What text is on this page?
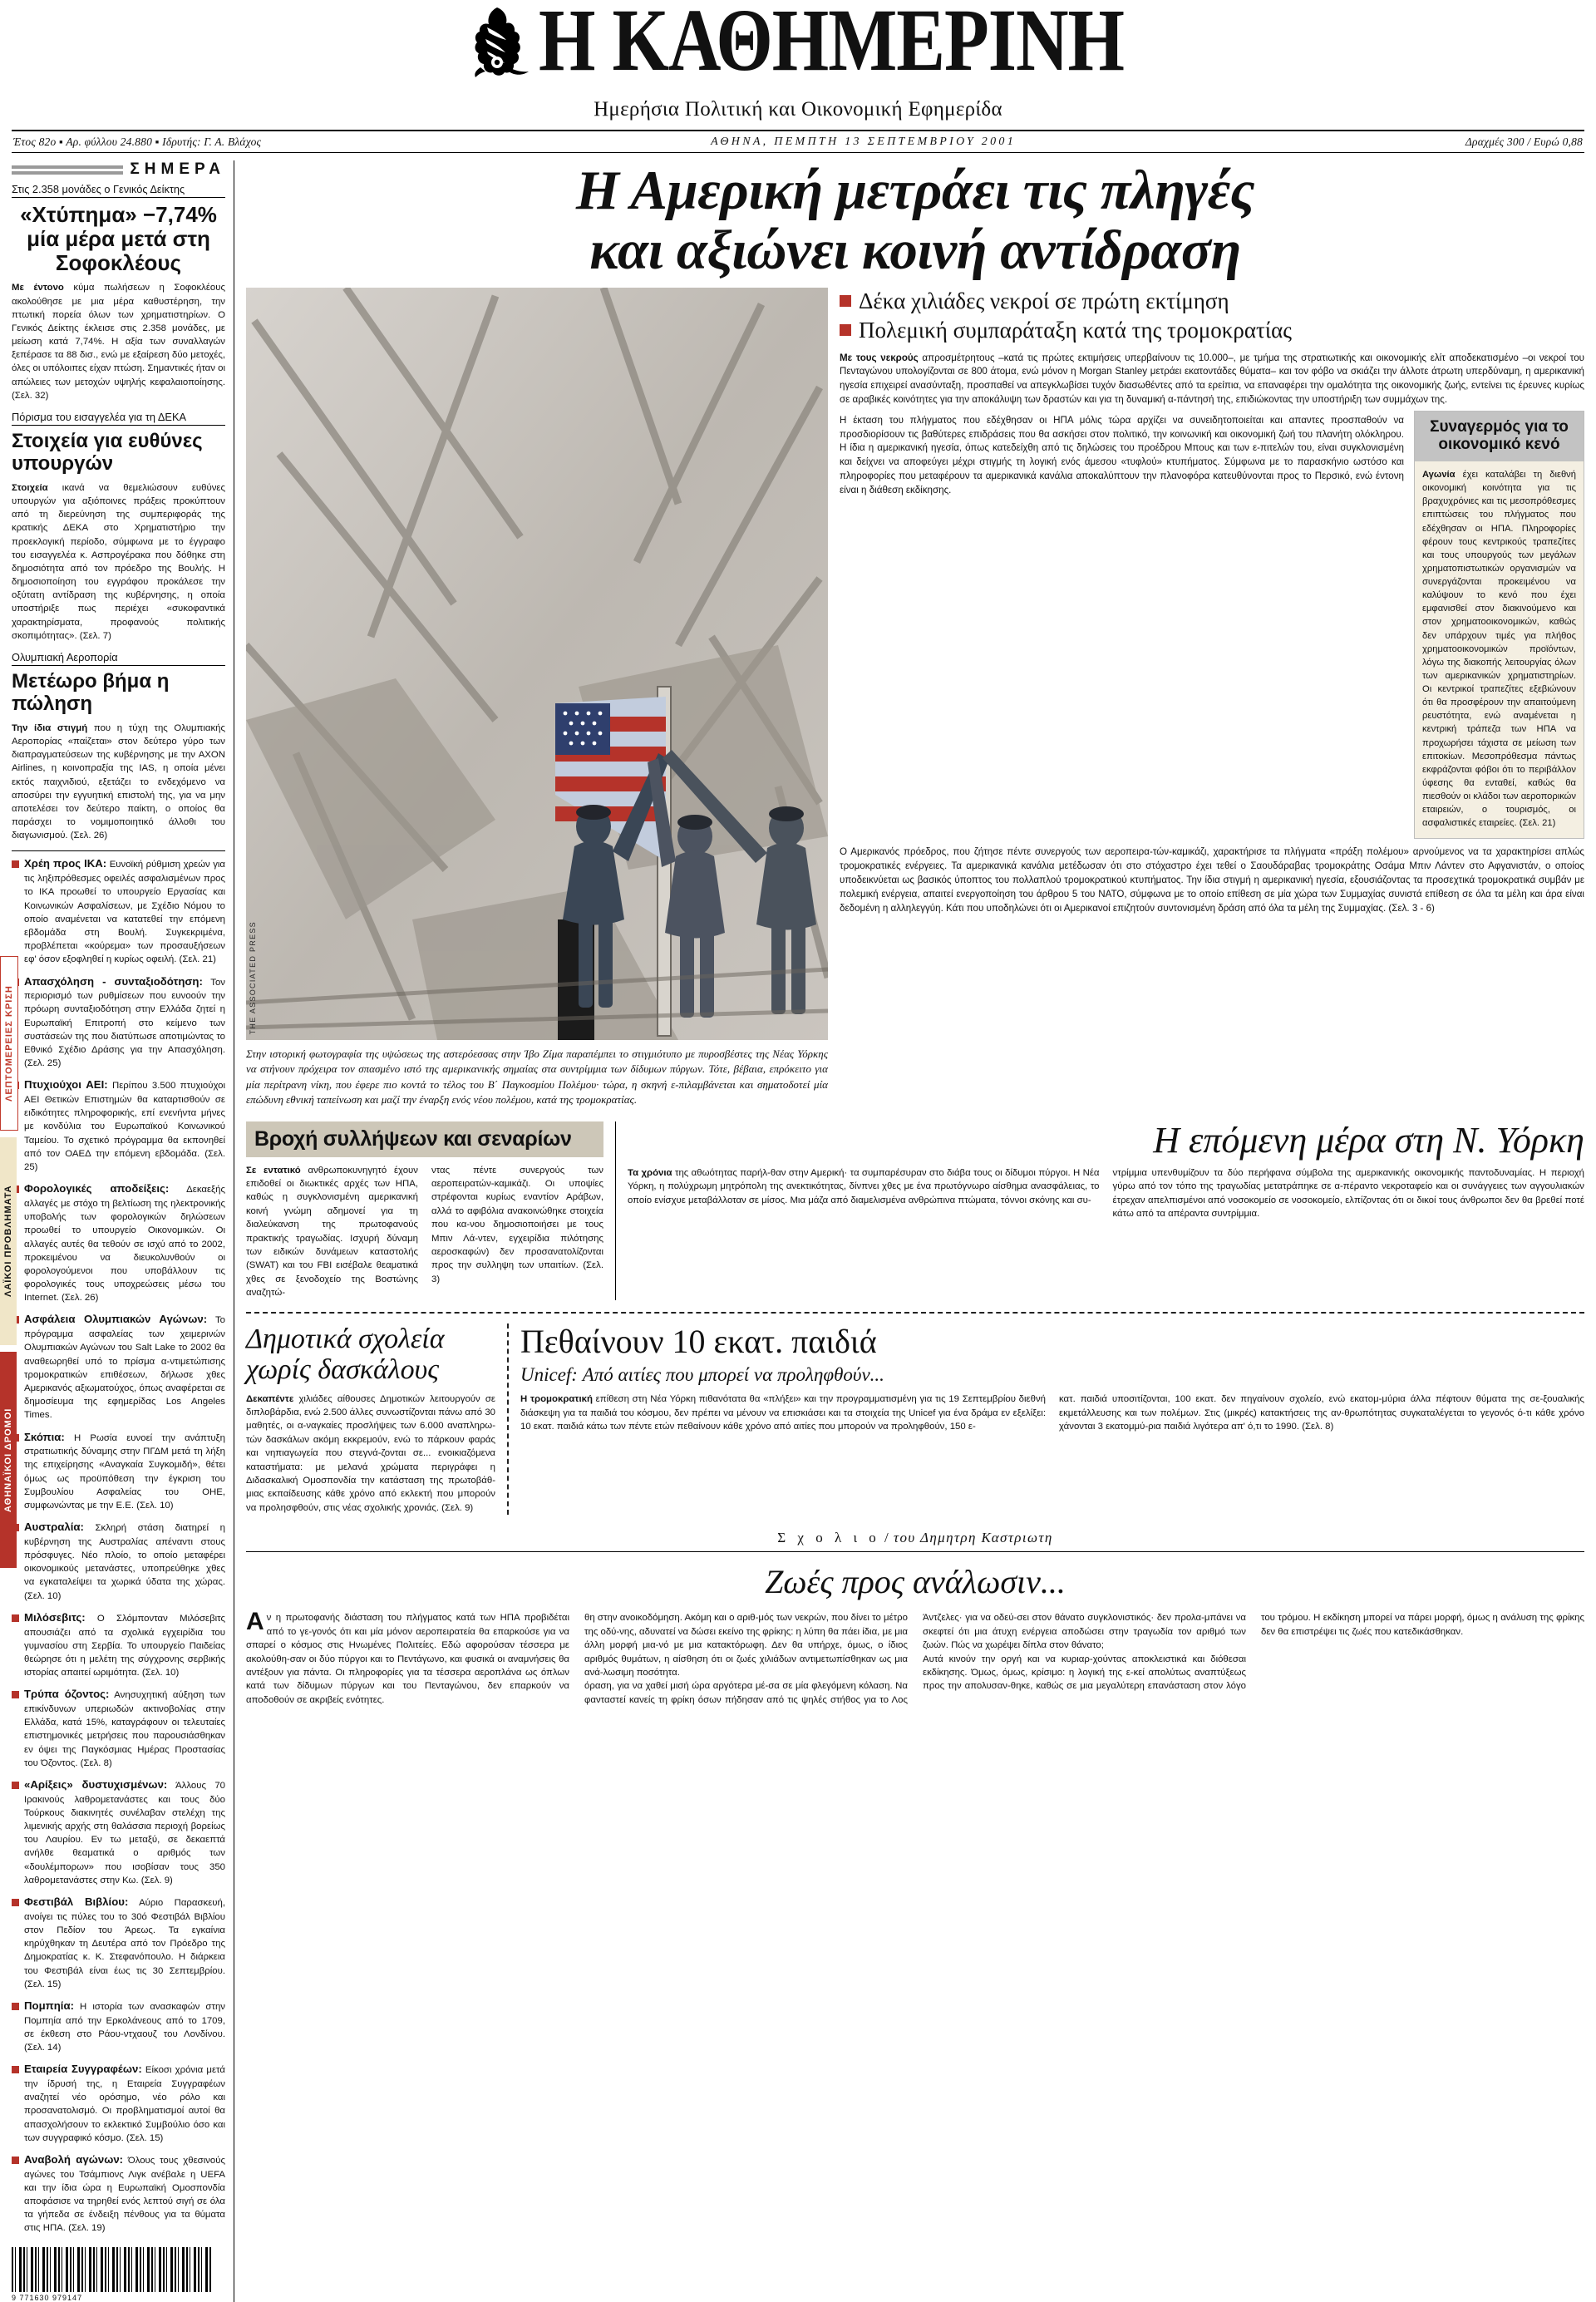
Η ΚΑΘΗΜΕΡΙΝΗ
Ημερήσια Πολιτική και Οικονομική Εφημερίδα
Έτος 82ο ▪ Αρ. φύλλου 24.880 ▪ Ιδρυτής: Γ. Α. Βλάχος	ΑΘΗΝΑ, ΠΕΜΠΤΗ 13 ΣΕΠΤΕΜΒΡΙΟΥ 2001	Δραχμές 300 / Ευρώ 0,88
ΣΗΜΕΡΑ
Στις 2.358 μονάδες ο Γενικός Δείκτης
«Χτύπημα» −7,74% μία μέρα μετά στη Σοφοκλέους
Με έντονο κύμα πωλήσεων η Σοφοκλέους ακολούθησε με μια μέρα καθυστέρηση, την πτωτική πορεία όλων των χρηματιστηρίων. Ο Γενικός Δείκτης έκλεισε στις 2.358 μονάδες, με μείωση κατά 7,74%. Η αξία των συναλλαγών ξεπέρασε τα 88 δισ., ενώ με εξαίρεση δύο μετοχές, όλες οι υπόλοιπες είχαν πτώση. Σημαντικές ήταν οι απώλειες των μετοχών υψηλής κεφαλαιοποίησης. (Σελ. 32)
Πόρισμα του εισαγγελέα για τη ΔΕΚΑ
Στοιχεία για ευθύνες υπουργών
Στοιχεία ικανά να θεμελιώσουν ευθύνες υπουργών για αξιόποινες πράξεις προκύπτουν από τη διερεύνηση της συμπεριφοράς της κρατικής ΔΕΚΑ στο Χρηματιστήριο την προεκλογική περίοδο, σύμφωνα με το έγγραφο του εισαγγελέα κ. Ασπρογέρακα που δόθηκε στη δημοσιότητα από τον πρόεδρο της Βουλής. Η δημοσιοποίηση του εγγράφου προκάλεσε την οξύτατη αντίδραση της κυβέρνησης, η οποία υποστήριξε πως περιέχει «συκοφαντικά χαρακτηρίσματα, προφανούς πολιτικής σκοπιμότητας». (Σελ. 7)
Ολυμπιακή Αεροπορία
Μετέωρο βήμα η πώληση
Την ίδια στιγμή που η τύχη της Ολυμπιακής Αεροπορίας «παίζεται» στον δεύτερο γύρο των διαπραγματεύσεων της κυβέρνησης με την ΑΧΟΝ Airlines, η κοινοπραξία της IAS, η οποία μένει εκτός παιχνιδιού, εξετάζει το ενδεχόμενο να αποσύρει την εγγυητική επιστολή της, για να μην αποτελέσει τον δεύτερο παίκτη, ο οποίος θα παράσχει το νομιμοποιητικό άλλοθι του διαγωνισμού. (Σελ. 26)
Χρέη προς ΙΚΑ: Ευνοϊκή ρύθμιση χρεών για τις ληξιπρόθεσμες οφειλές ασφαλισμένων προς το ΙΚΑ προωθεί το υπουργείο Εργασίας και Κοινωνικών Ασφαλίσεων, με Σχέδιο Νόμου το οποίο αναμένεται να κατατεθεί την επόμενη εβδομάδα στη Βουλή. Συγκεκριμένα, προβλέπεται «κούρεμα» των προσαυξήσεων εφ' όσον εξοφληθεί η κυρίως οφειλή. (Σελ. 21)
Απασχόληση - συνταξιοδότηση: Τον περιορισμό των ρυθμίσεων που ευνοούν την πρόωρη συνταξιοδότηση στην Ελλάδα ζητεί η Ευρωπαϊκή Επιτροπή στο κείμενο των συστάσεών της που διατύπωσε αποτιμώντας το Εθνικό Σχέδιο Δράσης για την Απασχόληση. (Σελ. 25)
Πτυχιούχοι ΑΕΙ: Περίπου 3.500 πτυχιούχοι ΑΕΙ Θετικών Επιστημών θα καταρτισθούν σε ειδικότητες πληροφορικής, επί ενενήντα μήνες με κονδύλια του Ευρωπαϊκού Κοινωνικού Ταμείου. Το σχετικό πρόγραμμα θα εκπονηθεί από τον ΟΑΕΔ την επόμενη εβδομάδα. (Σελ. 25)
Φορολογικές αποδείξεις: Δεκαεξής αλλαγές με στόχο τη βελτίωση της ηλεκτρονικής υποβολής των φορολογικών δηλώσεων προωθεί το υπουργείο Οικονομικών. Οι αλλαγές αυτές θα τεθούν σε ισχύ από το 2002, προκειμένου να διευκολυνθούν οι φορολογούμενοι που υποβάλλουν τις φορολογικές τους υποχρεώσεις μέσω του Internet. (Σελ. 26)
Ασφάλεια Ολυμπιακών Αγώνων: Το πρόγραμμα ασφαλείας των χειμερινών Ολυμπιακών Αγώνων του Salt Lake το 2002 θα αναθεωρηθεί υπό το πρίσμα α-ντιμετώπισης τρομοκρατικών επιθέσεων, δήλωσε χθες Αμερικανός αξιωματούχος, όπως αναφέρεται σε δημοσίευμα της εφημερίδας Los Angeles Times.
Σκόπια: Η Ρωσία ευνοεί την ανάπτυξη στρατιωτικής δύναμης στην ΠΓΔΜ μετά τη λήξη της επιχείρησης «Αναγκαία Συγκομιδή», θέτει όμως ως προϋπόθεση την έγκριση του Συμβουλίου Ασφαλείας του ΟΗΕ, συμφωνώντας με την Ε.Ε. (Σελ. 10)
Αυστραλία: Σκληρή στάση διατηρεί η κυβέρνηση της Αυστραλίας απέναντι στους πρόσφυγες. Νέο πλοίο, το οποίο μεταφέρει οικονομικούς μετανάστες, υποπρεύθηκε χθες να εγκαταλείψει τα χωρικά ύδατα της χώρας. (Σελ. 10)
Μιλόσεβιτς: Ο Σλόμπονταν Μιλόσεβιτς απουσιάζει από τα σχολικά εγχειρίδια του γυμνασίου στη Σερβία. Το υπουργείο Παιδείας θεώρησε ότι η μελέτη της σύγχρονης σερβικής ιστορίας απαιτεί ωριμότητα. (Σελ. 10)
Τρύπα όζοντος: Ανησυχητική αύξηση των επικίνδυνων υπεριωδών ακτινοβολίας στην Ελλάδα, κατά 15%, καταγράφουν οι τελευταίες επιστημονικές μετρήσεις που παρουσιάσθηκαν εν όψει της Παγκόσμιας Ημέρας Προστασίας του Όζοντος. (Σελ. 8)
«Αρίξεις» δυστυχισμένων: Άλλους 70 Ιρακινούς λαθρομετανάστες και τους δύο Τούρκους διακινητές συνέλαβαν στελέχη της λιμενικής αρχής στη θαλάσσια περιοχή βορείως του Λαυρίου. Εν τω μεταξύ, σε δεκαεπτά ανήλθε θεαματικά ο αριθμός των «δουλέμπορων» που ισοβίσαν τους 350 λαθρομετανάστες στην Κω. (Σελ. 9)
Φεστιβάλ Βιβλίου: Αύριο Παρασκευή, ανοίγει τις πύλες του το 30ό Φεστιβάλ Βιβλίου στον Πεδίον του Άρεως. Τα εγκαίνια κηρύχθηκαν τη Δευτέρα από τον Πρόεδρο της Δημοκρατίας κ. Κ. Στεφανόπουλο. Η διάρκεια του Φεστιβάλ είναι έως τις 30 Σεπτεμβρίου. (Σελ. 15)
Πομπηία: Η ιστορία των ανασκαφών στην Πομπηία από την Ερκολάνεους από το 1709, σε έκθεση στο Ράου-ντχαουζ του Λονδίνου. (Σελ. 14)
Εταιρεία Συγγραφέων: Είκοσι χρόνια μετά την ίδρυσή της, η Εταιρεία Συγγραφέων αναζητεί νέο ορόσημο, νέο ρόλο και προσανατολισμό. Οι προβληματισμοί αυτοί θα απασχολήσουν το εκλεκτικό Συμβούλιο όσο και των συγγραφικό κόσμο. (Σελ. 15)
Αναβολή αγώνων: Όλους τους χθεσινούς αγώνες του Τσάμπιονς Λιγκ ανέβαλε η UEFA και την ίδια ώρα η Ευρωπαϊκή Ομοσπονδία αποφάσισε να τηρηθεί ενός λεπτού σιγή σε όλα τα γήπεδα σε ένδειξη πένθους για τα θύματα στις ΗΠΑ. (Σελ. 19)
9 771630 979147
Η Αμερική μετράει τις πληγές
και αξιώνει κοινή αντίδραση
THE ASSOCIATED PRESS
Στην ιστορική φωτογραφία της υψώσεως της αστερόεσσας στην Ίβο Ζίμα παραπέμπει το στιγμιότυπο με πυροσβέστες της Νέας Υόρκης να στήνουν πρόχειρα τον σπασμένο ιστό της αμερικανικής σημαίας στα συντρίμμια των δίδυμων πύργων. Τότε, βέβαια, επρόκειτο για μία περίτρανη νίκη, που έφερε πιο κοντά το τέλος του Β΄ Παγκοσμίου Πολέμου· τώρα, η σκηνή ε-πιλαμβάνεται και σηματοδοτεί μία επώδυνη εθνική ταπείνωση και μαζί την έναρξη ενός νέου πολέμου, κατά της τρομοκρατίας.
Δέκα χιλιάδες νεκροί σε πρώτη εκτίμηση
Πολεμική συμπαράταξη κατά της τρομοκρατίας
Με τους νεκρούς απροσμέτρητους –κατά τις πρώτες εκτιμήσεις υπερβαίνουν τις 10.000–, με τμήμα της στρατιωτικής και οικονομικής ελίτ αποδεκατισμένο –οι νεκροί του Πενταγώνου υπολογίζονται σε 800 άτομα, ενώ μόνον η Morgan Stanley μετράει εκατοντάδες θύματα– και τον φόβο να σκιάζει την άλλοτε άτρωτη υπερδύναμη, η αμερικανική ηγεσία επιχειρεί ανασύνταξη, προσπαθεί να απεγκλωβίσει τυχόν διασωθέντες από τα ερείπια, να επαναφέρει την ομαλότητα της οικονομικής ζωής, εντείνει τις έρευνες κυρίως σε αραβικές κοινότητες για την αποκάλυψη των δραστών και για τη δυναμική α-πάντησή της, επιδιώκοντας την υποστήριξη των συμμάχων της.
Η έκταση του πλήγματος που εδέχθησαν οι ΗΠΑ μόλις τώρα αρχίζει να συνειδητοποιείται και απαντες προσπαθούν να προσδιορίσουν τις βαθύτερες επιδράσεις που θα ασκήσει στον πολιτικό, την κοινωνική και οικονομική ζωή του πλανήτη ολόκληρου. Η ίδια η αμερικανική ηγεσία, όπως κατεδείχθη από τις δηλώσεις του προέδρου Μπους και των ε-πιτελών του, είναι συγκλονισμένη και δείχνει να αποφεύγει μέχρι στιγμής τη λογική ενός άμεσου «τυφλού» κτυπήματος. Σύμφωνα με το παρασκήνιο ωστόσο και πληροφορίες που μεταφέρουν τα αμερικανικά κανάλια αποκαλύπτουν την πλανοφόρα κατευθύνονται προς το Περσικό, ενώ έντονη είναι η διάθεση εκδίκησης.
Συναγερμός για το οικονομικό κενό
Αγωνία έχει καταλάβει τη διεθνή οικονομική κοινότητα για τις βραχυχρόνιες και τις μεσοπρόθεσμες επιπτώσεις του πλήγματος που εδέχθησαν οι ΗΠΑ. Πληροφορίες φέρουν τους κεντρικούς τραπεζίτες και τους υπουργούς των μεγάλων χρηματοπιστωτικών οργανισμών να συνεργάζονται προκειμένου να καλύψουν το κενό που έχει εμφανισθεί στον διακινούμενο και στον χρηματοοικονομικών, καθώς δεν υπάρχουν τιμές για πλήθος χρηματοοικονομικών προϊόντων, λόγω της διακοπής λειτουργίας όλων των αμερικανικών χρηματιστηρίων. Οι κεντρικοί τραπεζίτες εξεβιώνουν ότι θα προσφέρουν την απαιτούμενη ρευστότητα, ενώ αναμένεται η κεντρική τράπεζα των ΗΠΑ να προχωρήσει τάχιστα σε μείωση των επιτοκίων. Μεσοπρόθεσμα πάντως εκφράζονται φόβοι ότι το περιβάλλον ύφεσης θα ενταθεί, καθώς θα πιεσθούν οι κλάδοι των αεροπορικών εταιρειών, ο τουρισμός, οι ασφαλιστικές εταιρείες. (Σελ. 21)
Ο Αμερικανός πρόεδρος, που ζήτησε πέντε συνεργούς των αεροπειρα-τών-καμικάζι, χαρακτήρισε τα πλήγματα «πράξη πολέμου» αρνούμενος να τα χαρακτηρίσει απλώς τρομοκρατικές ενέργειες. Τα αμερικανικά κανάλια μετέδωσαν ότι στο στόχαστρο έχει τεθεί ο Σαουδάραβας τρομοκράτης Οσάμα Μπιν Λάντεν στο Αφγανιστάν, ο οποίος υποδεικνύεται ως βασικός ύποπτος του πολλαπλού τρομοκρατικού κτυπήματος. Την ίδια στιγμή η αμερικανική ηγεσία, εξουσιάζοντας τα προσεχτικά τρομοκρατικά συμβάν με πολεμική ενέργεια, απαιτεί ενεργοποίηση του άρθρου 5 του ΝΑΤΟ, σύμφωνα με το οποίο επίθεση σε μία χώρα των Συμμαχίας συνιστά επίθεση σε όλα τα μέλη και άρα είναι δεδομένη η αλληλεγγύη. Κάτι που υποδηλώνει ότι οι Αμερικανοί επιζητούν συντονισμένη δράση από όλα τα μέλη της Συμμαχίας. (Σελ. 3 - 6)
Βροχή συλλήψεων και σεναρίων
Σε εντατικό ανθρωποκυνηγητό έχουν επιδοθεί οι διωκτικές αρχές των ΗΠΑ, καθώς η συγκλονισμένη αμερικανική κοινή γνώμη αδημονεί για τη διαλεύκανση της πρωτοφανούς πρακτικής τραγωδίας. Ισχυρή δύναμη των ειδικών δυνάμεων καταστολής (SWAT) και του FBI εισέβαλε θεαματικά χθες σε ξενοδοχείο της Βοστώνης αναζητώ-
ντας πέντε συνεργούς των αεροπειρατών-καμικάζι. Οι υποψίες στρέφονται κυρίως εναντίον Αράβων, αλλά το αφιβόλια ανακοινώθηκε στοιχεία που κα-νου δημοσιοποιήσει με τους Μπιν Λά-ντεν, εγχειρίδια πιλότησης αεροσκαφών) δεν προσανατολίζονται προς την συλληψη των υπαιτίων. (Σελ. 3)
Η επόμενη μέρα στη Ν. Υόρκη
Τα χρόνια της αθωότητας παρήλ-θαν στην Αμερική· τα συμπαρέσυραν στο διάβα τους οι δίδυμοι πύργοι. Η Νέα Υόρκη, η πολύχρωμη μητρόπολη της ανεκτικότητας, δίνπνει χθες με ένα πρωτόγνωρο αίσθημα ανασφάλειας, το οποίο ενίσχυε μεταβάλλοταν σε μίσος. Μια μάζα από διαμελισμένα ανθρώπινα πτώματα, τόννοι σκόνης και συ-
ντρίμμια υπενθυμίζουν τα δύο περήφανα σύμβολα της αμερικανικής οικονομικής παντοδυναμίας. Η περιοχή γύρω από τον τόπο της τραγωδίας μετατράπηκε σε α-πέραντο νεκροταφείο και οι συνάγγειες των αγγουλιακών έτρεχαν απελπισμένοι από νοσοκομείο σε νοσοκομείο, ελπίζοντας ότι οι δικοί τους άνθρωποι δεν θα βρεθεί ποτέ κάτω από τα απέραντα συντρίμμια.
Δημοτικά σχολεία
χωρίς δασκάλους
Δεκαπέντε χιλιάδες αίθουσες Δημοτικών λειτουργούν σε διπλοβάρδια, ενώ 2.500 άλλες συνωστίζονται πάνω από 30 μαθητές, οι α-ναγκαίες προσλήψεις των 6.000 αναπληρω-τών δασκάλων ακόμη εκκρεμούν, ενώ το πάρκουν φαράς και νηπιαγωγεία που στεγνά-ζονται σε... ενοικιαζόμενα καταστήματα: με μελανά χρώματα περιγράφει η Διδασκαλική Ομοσπονδία την κατάσταση της πρωτοβάθ-μιας εκπαίδευσης κάθε χρόνο από εκλεκτή που μπορούν να προλησφθούν, στις νέας σχολικής χρονιάς. (Σελ. 9)
Πεθαίνουν 10 εκατ. παιδιά
Unicef: Από αιτίες που μπορεί να προληφθούν...
Η τρομοκρατική επίθεση στη Νέα Υόρκη πιθανότατα θα «πλήξει» και την προγραμματισμένη για τις 19 Σεπτεμβρίου διεθνή διάσκεψη για τα παιδιά του κόσμου, δεν πρέπει να μένουν να επισκιάσει και τα στοιχεία της Unicef για ένα δράμα εν εξελίξει: 10 εκατ. παιδιά κάτω των πέντε ετών πεθαίνουν κάθε χρόνο από αιτίες που μπορούν να προληφθούν, 150 ε-
κατ. παιδιά υποσιτίζονται, 100 εκατ. δεν πηγαίνουν σχολείο, ενώ εκατομ-μύρια άλλα πέφτουν θύματα της σε-ξουαλικής εκμετάλλευσης και των πολέμων. Στις (μικρές) κατακτήσεις της αν-θρωπότητας συγκαταλέγεται το γεγονός ό-τι κάθε χρόνο χάνονται 3 εκατομμύ-ρια παιδιά λιγότερα απ' ό,τι το 1990. (Σελ. 8)
Σ χ ο λ ι ο / του Δημητρη Καστριωτη
Ζωές προς ανάλωσιν...
Αν η πρωτοφανής διάσταση του πλήγματος κατά των ΗΠΑ προβιδέται από το γε-γονός ότι και μία μόνον αεροπειρατεία θα επαρκούσε για να σπαρεί ο κόσμος στις Ηνωμένες Πολιτείες. Εδώ αφορούσαν τέσσερα με ακολούθη-σαν οι δύο πύργοι και το Πεντάγωνο, και φυσικά οι αναμνήσεις θα αντέξουν για πάντα. Οι πληροφορίες για τα τέσσερα αεροπλάνα ως όπλων κατά των δίδυμων πύργων και του Πενταγώνου, δεν επαρκούν να αποδοθούν σε ακριβείς ενότητες.
θη στην ανοικοδόμηση. Ακόμη και ο αριθ-μός των νεκρών, που δίνει το μέτρο της οδύ-νης, αδυνατεί να δώσει εκείνο της φρίκης: η λύπη θα πάει ίδια, με μια άλλη μορφή μια-νό με μια κατακτόρωφη. Δεν θα υπήρχε, όμως, ο ίδιος αριθμός θυμάτων, η αίσθηση ότι οι ζωές χιλιάδων αντιμετωπίσθηκαν ως μια ανά-λωσιμη ποσότητα.
όραση, για να χαθεί μισή ώρα αργότερα μέ-σα σε μία φλεγόμενη κόλαση. Να φανταστεί κανείς τη φρίκη όσων πήδησαν από τις ψηλές στήθος για το Λος Άντζελες· για να οδεύ-σει στον θάνατο συγκλονιστικός· δεν προλα-μπάνει να σκεφτεί ότι μια άτυχη ενέργεια αποδώσει στην τραγωδία τον αριθμό των ζωών. Πώς να χωρέψει δίπλα στον θάνατο;
Αυτά κινούν την οργή και να κυριαρ-χούντας αποκλειστικά και διόθεσαι εκδίκησης. Όμως, όμως, κρίσιμο: η λογική της ε-κεί απολύτως αναπτύξεως προς την απολυσαν-θηκε, καθώς σε μια μεγαλύτερη επανάσταση στον λόγο του τρόμου. Η εκδίκηση μπορεί να πάρει μορφή, όμως η ανάλυση της φρίκης δεν θα επιστρέψει τις ζωές που κατεδικάσθηκαν.
ΛΕΠΤΟΜΕΡΕΙΕΣ ΚΡΙΣΗ
ΛΑΪΚΟΙ ΠΡΟΒΛΗΜΑΤΑ
ΑΘΗΝΑΪΚΟΙ ΔΡΟΜΟΙ
